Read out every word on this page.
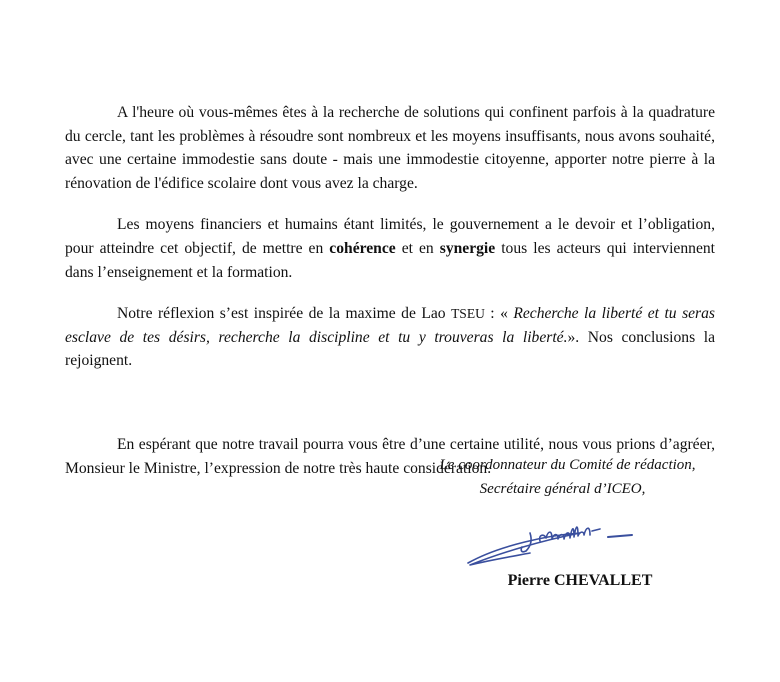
A l'heure où vous-mêmes êtes à la recherche de solutions qui confinent parfois à la quadrature du cercle, tant les problèmes à résoudre sont nombreux et les moyens insuffisants, nous avons souhaité, avec une certaine immodestie sans doute - mais une immodestie citoyenne, apporter notre pierre à la rénovation de l'édifice scolaire dont vous avez la charge.

Les moyens financiers et humains étant limités, le gouvernement a le devoir et l’obligation, pour atteindre cet objectif, de mettre en cohérence et en synergie tous les acteurs qui interviennent dans l’enseignement et la formation.

Notre réflexion s’est inspirée de la maxime de Lao TSEU : « Recherche la liberté et tu seras esclave de tes désirs, recherche la discipline et tu y trouveras la liberté.». Nos conclusions la rejoignent.

En espérant que notre travail pourra vous être d’une certaine utilité, nous vous prions d’agréer, Monsieur le Ministre, l’expression de notre très haute considération.

Le coordonnateur du Comité de rédaction,

Secrétaire général d’ICEO,

Pierre CHEVALLET
